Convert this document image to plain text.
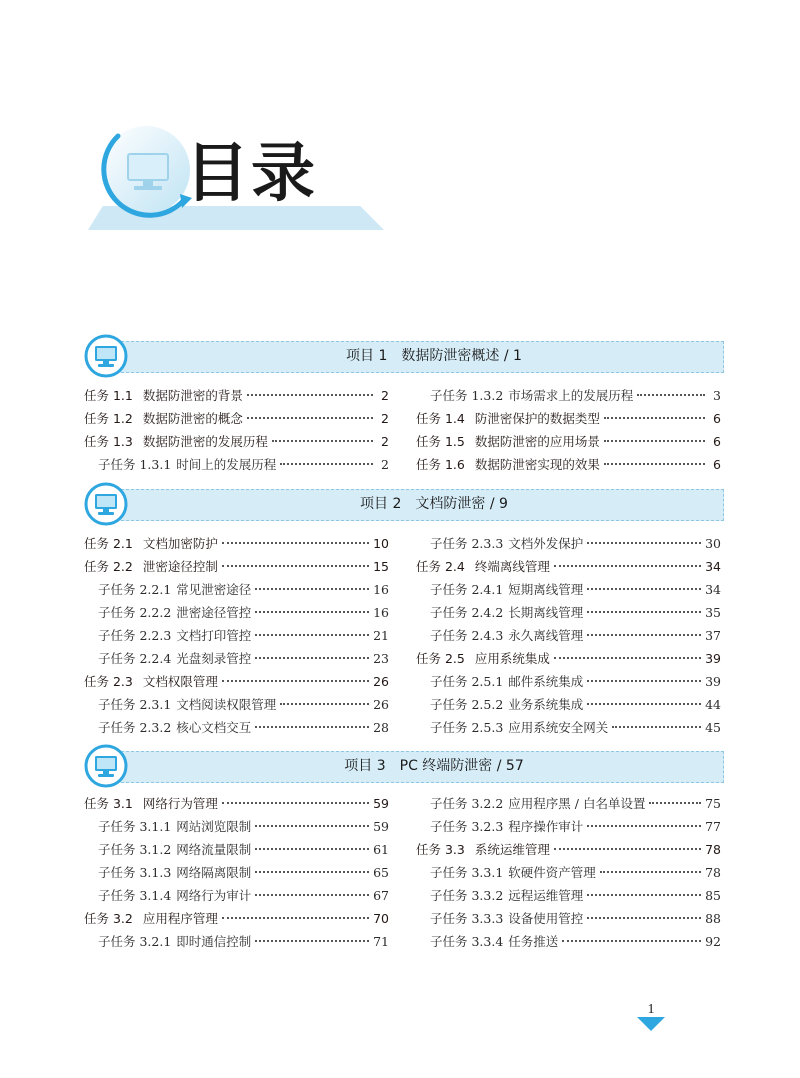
目录
项目 1　数据防泄密概述 / 1
任务 1.1 数据防泄密的背景	2
任务 1.2 数据防泄密的概念	2
任务 1.3 数据防泄密的发展历程	2
子任务 1.3.1 时间上的发展历程	2
子任务 1.3.2 市场需求上的发展历程	3
任务 1.4 防泄密保护的数据类型	6
任务 1.5 数据防泄密的应用场景	6
任务 1.6 数据防泄密实现的效果	6
项目 2　文档防泄密 / 9
任务 2.1 文档加密防护	10
任务 2.2 泄密途径控制	15
子任务 2.2.1 常见泄密途径	16
子任务 2.2.2 泄密途径管控	16
子任务 2.2.3 文档打印管控	21
子任务 2.2.4 光盘刻录管控	23
任务 2.3 文档权限管理	26
子任务 2.3.1 文档阅读权限管理	26
子任务 2.3.2 核心文档交互	28
子任务 2.3.3 文档外发保护	30
任务 2.4 终端离线管理	34
子任务 2.4.1 短期离线管理	34
子任务 2.4.2 长期离线管理	35
子任务 2.4.3 永久离线管理	37
任务 2.5 应用系统集成	39
子任务 2.5.1 邮件系统集成	39
子任务 2.5.2 业务系统集成	44
子任务 2.5.3 应用系统安全网关	45
项目 3　PC 终端防泄密 / 57
任务 3.1 网络行为管理	59
子任务 3.1.1 网站浏览限制	59
子任务 3.1.2 网络流量限制	61
子任务 3.1.3 网络隔离限制	65
子任务 3.1.4 网络行为审计	67
任务 3.2 应用程序管理	70
子任务 3.2.1 即时通信控制	71
子任务 3.2.2 应用程序黑 / 白名单设置	75
子任务 3.2.3 程序操作审计	77
任务 3.3 系统运维管理	78
子任务 3.3.1 软硬件资产管理	78
子任务 3.3.2 远程运维管理	85
子任务 3.3.3 设备使用管控	88
子任务 3.3.4 任务推送	92
1
